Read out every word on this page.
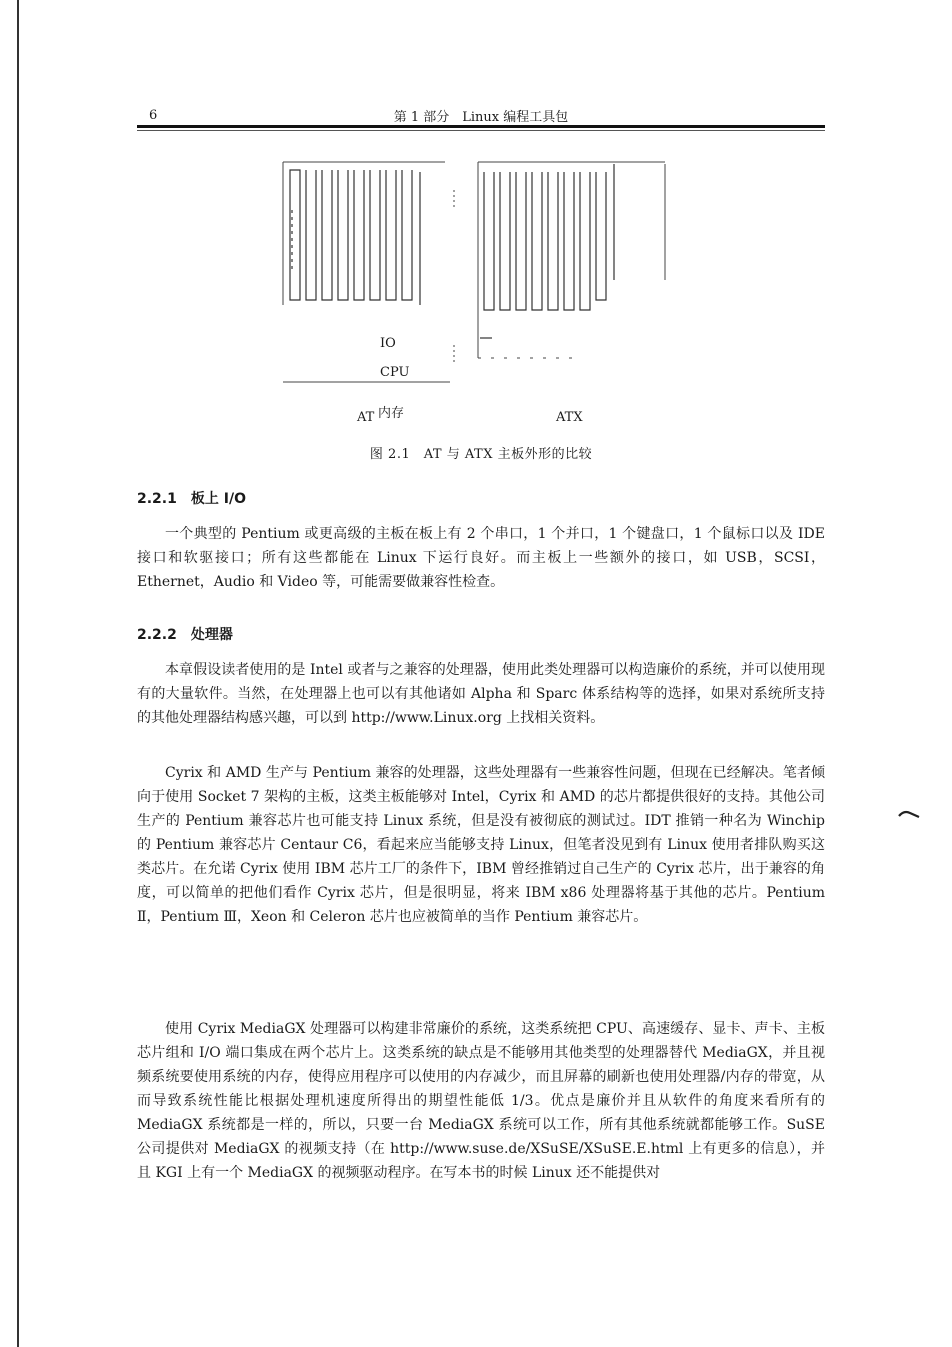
6	第 1 部分　Linux 编程工具包
IO
CPU
内存
AT	ATX
图 2.1　AT 与 ATX 主板外形的比较
2.2.1 板上 I/O

一个典型的 Pentium 或更高级的主板在板上有 2 个串口，1 个并口，1 个键盘口，1 个鼠标口以及 IDE 接口和软驱接口；所有这些都能在 Linux 下运行良好。而主板上一些额外的接口，如 USB，SCSI，Ethernet，Audio 和 Video 等，可能需要做兼容性检查。

2.2.2 处理器

本章假设读者使用的是 Intel 或者与之兼容的处理器，使用此类处理器可以构造廉价的系统，并可以使用现有的大量软件。当然，在处理器上也可以有其他诸如 Alpha 和 Sparc 体系结构等的选择，如果对系统所支持的其他处理器结构感兴趣，可以到 http://www.Linux.org 上找相关资料。

Cyrix 和 AMD 生产与 Pentium 兼容的处理器，这些处理器有一些兼容性问题，但现在已经解决。笔者倾向于使用 Socket 7 架构的主板，这类主板能够对 Intel，Cyrix 和 AMD 的芯片都提供很好的支持。其他公司生产的 Pentium 兼容芯片也可能支持 Linux 系统，但是没有被彻底的测试过。IDT 推销一种名为 Winchip 的 Pentium 兼容芯片 Centaur C6，看起来应当能够支持 Linux，但笔者没见到有 Linux 使用者排队购买这类芯片。在允诺 Cyrix 使用 IBM 芯片工厂的条件下，IBM 曾经推销过自己生产的 Cyrix 芯片，出于兼容的角度，可以简单的把他们看作 Cyrix 芯片，但是很明显，将来 IBM x86 处理器将基于其他的芯片。Pentium Ⅱ，Pentium Ⅲ，Xeon 和 Celeron 芯片也应被简单的当作 Pentium 兼容芯片。

使用 Cyrix MediaGX 处理器可以构建非常廉价的系统，这类系统把 CPU、高速缓存、显卡、声卡、主板芯片组和 I/O 端口集成在两个芯片上。这类系统的缺点是不能够用其他类型的处理器替代 MediaGX，并且视频系统要使用系统的内存，使得应用程序可以使用的内存减少，而且屏幕的刷新也使用处理器/内存的带宽，从而导致系统性能比根据处理机速度所得出的期望性能低 1/3。优点是廉价并且从软件的角度来看所有的 MediaGX 系统都是一样的，所以，只要一台 MediaGX 系统可以工作，所有其他系统就都能够工作。SuSE 公司提供对 MediaGX 的视频支持（在 http://www.suse.de/XSuSE/XSuSE.E.html 上有更多的信息），并且 KGI 上有一个 MediaGX 的视频驱动程序。在写本书的时候 Linux 还不能提供对
